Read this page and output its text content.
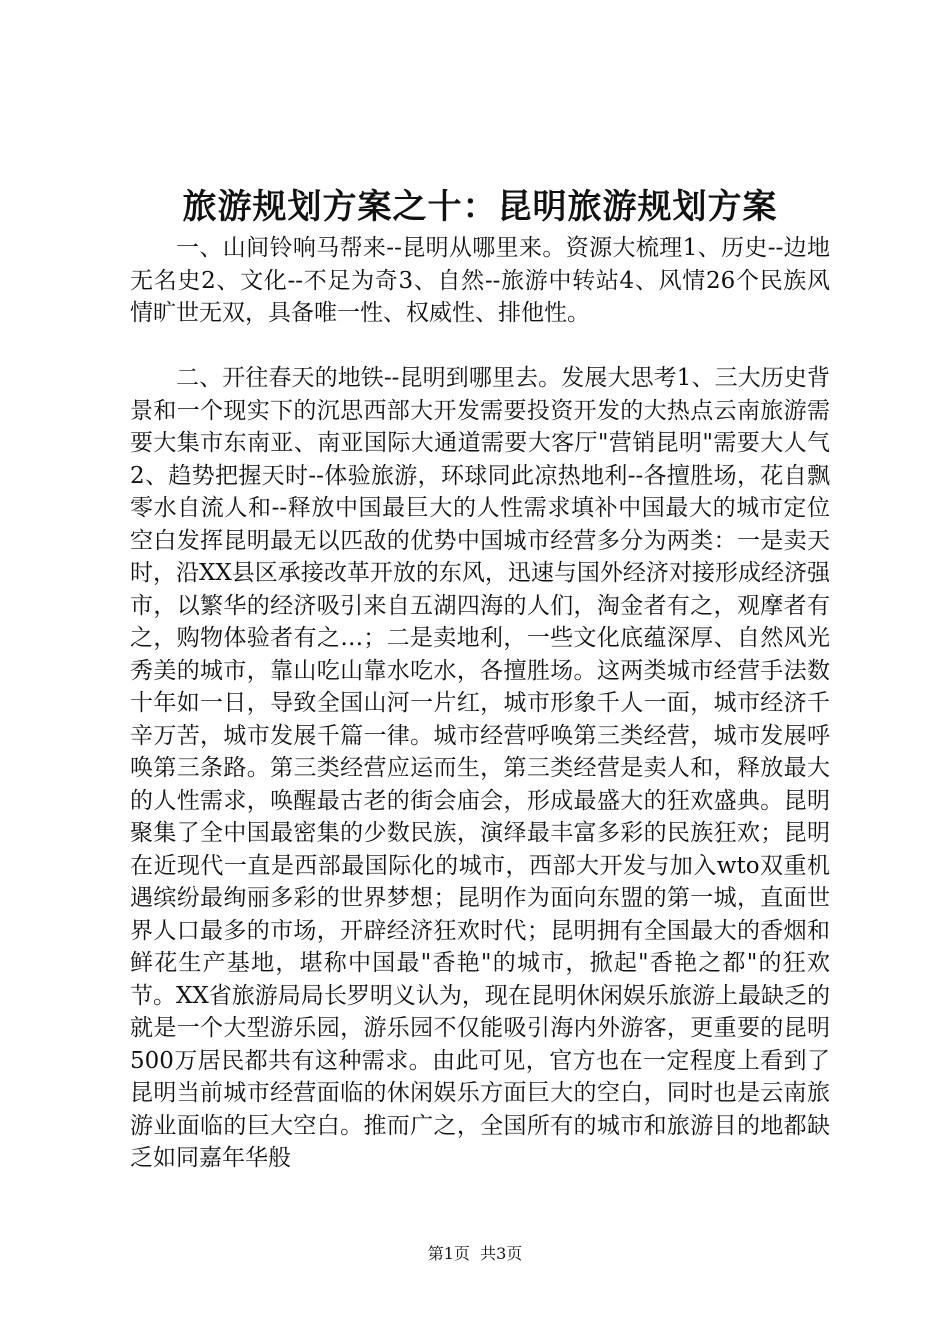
旅游规划方案之十：昆明旅游规划方案

一、山间铃响马帮来--昆明从哪里来。资源大梳理1、历史--边地无名史2、文化--不足为奇3、自然--旅游中转站4、风情26个民族风情旷世无双，具备唯一性、权威性、排他性。

二、开往春天的地铁--昆明到哪里去。发展大思考1、三大历史背景和一个现实下的沉思西部大开发需要投资开发的大热点云南旅游需要大集市东南亚、南亚国际大通道需要大客厅"营销昆明"需要大人气2、趋势把握天时--体验旅游，环球同此凉热地利--各擅胜场，花自飘零水自流人和--释放中国最巨大的人性需求填补中国最大的城市定位空白发挥昆明最无以匹敌的优势中国城市经营多分为两类：一是卖天时，沿XX县区承接改革开放的东风，迅速与国外经济对接形成经济强市，以繁华的经济吸引来自五湖四海的人们，淘金者有之，观摩者有之，购物体验者有之…；二是卖地利，一些文化底蕴深厚、自然风光秀美的城市，靠山吃山靠水吃水，各擅胜场。这两类城市经营手法数十年如一日，导致全国山河一片红，城市形象千人一面，城市经济千辛万苦，城市发展千篇一律。城市经营呼唤第三类经营，城市发展呼唤第三条路。第三类经营应运而生，第三类经营是卖人和，释放最大的人性需求，唤醒最古老的街会庙会，形成最盛大的狂欢盛典。昆明聚集了全中国最密集的少数民族，演绎最丰富多彩的民族狂欢；昆明在近现代一直是西部最国际化的城市，西部大开发与加入wto双重机遇缤纷最绚丽多彩的世界梦想；昆明作为面向东盟的第一城，直面世界人口最多的市场，开辟经济狂欢时代；昆明拥有全国最大的香烟和鲜花生产基地，堪称中国最"香艳"的城市，掀起"香艳之都"的狂欢节。XX省旅游局局长罗明义认为，现在昆明休闲娱乐旅游上最缺乏的就是一个大型游乐园，游乐园不仅能吸引海内外游客，更重要的昆明500万居民都共有这种需求。由此可见，官方也在一定程度上看到了昆明当前城市经营面临的休闲娱乐方面巨大的空白，同时也是云南旅游业面临的巨大空白。推而广之，全国所有的城市和旅游目的地都缺乏如同嘉年华般

第1页  共3页
